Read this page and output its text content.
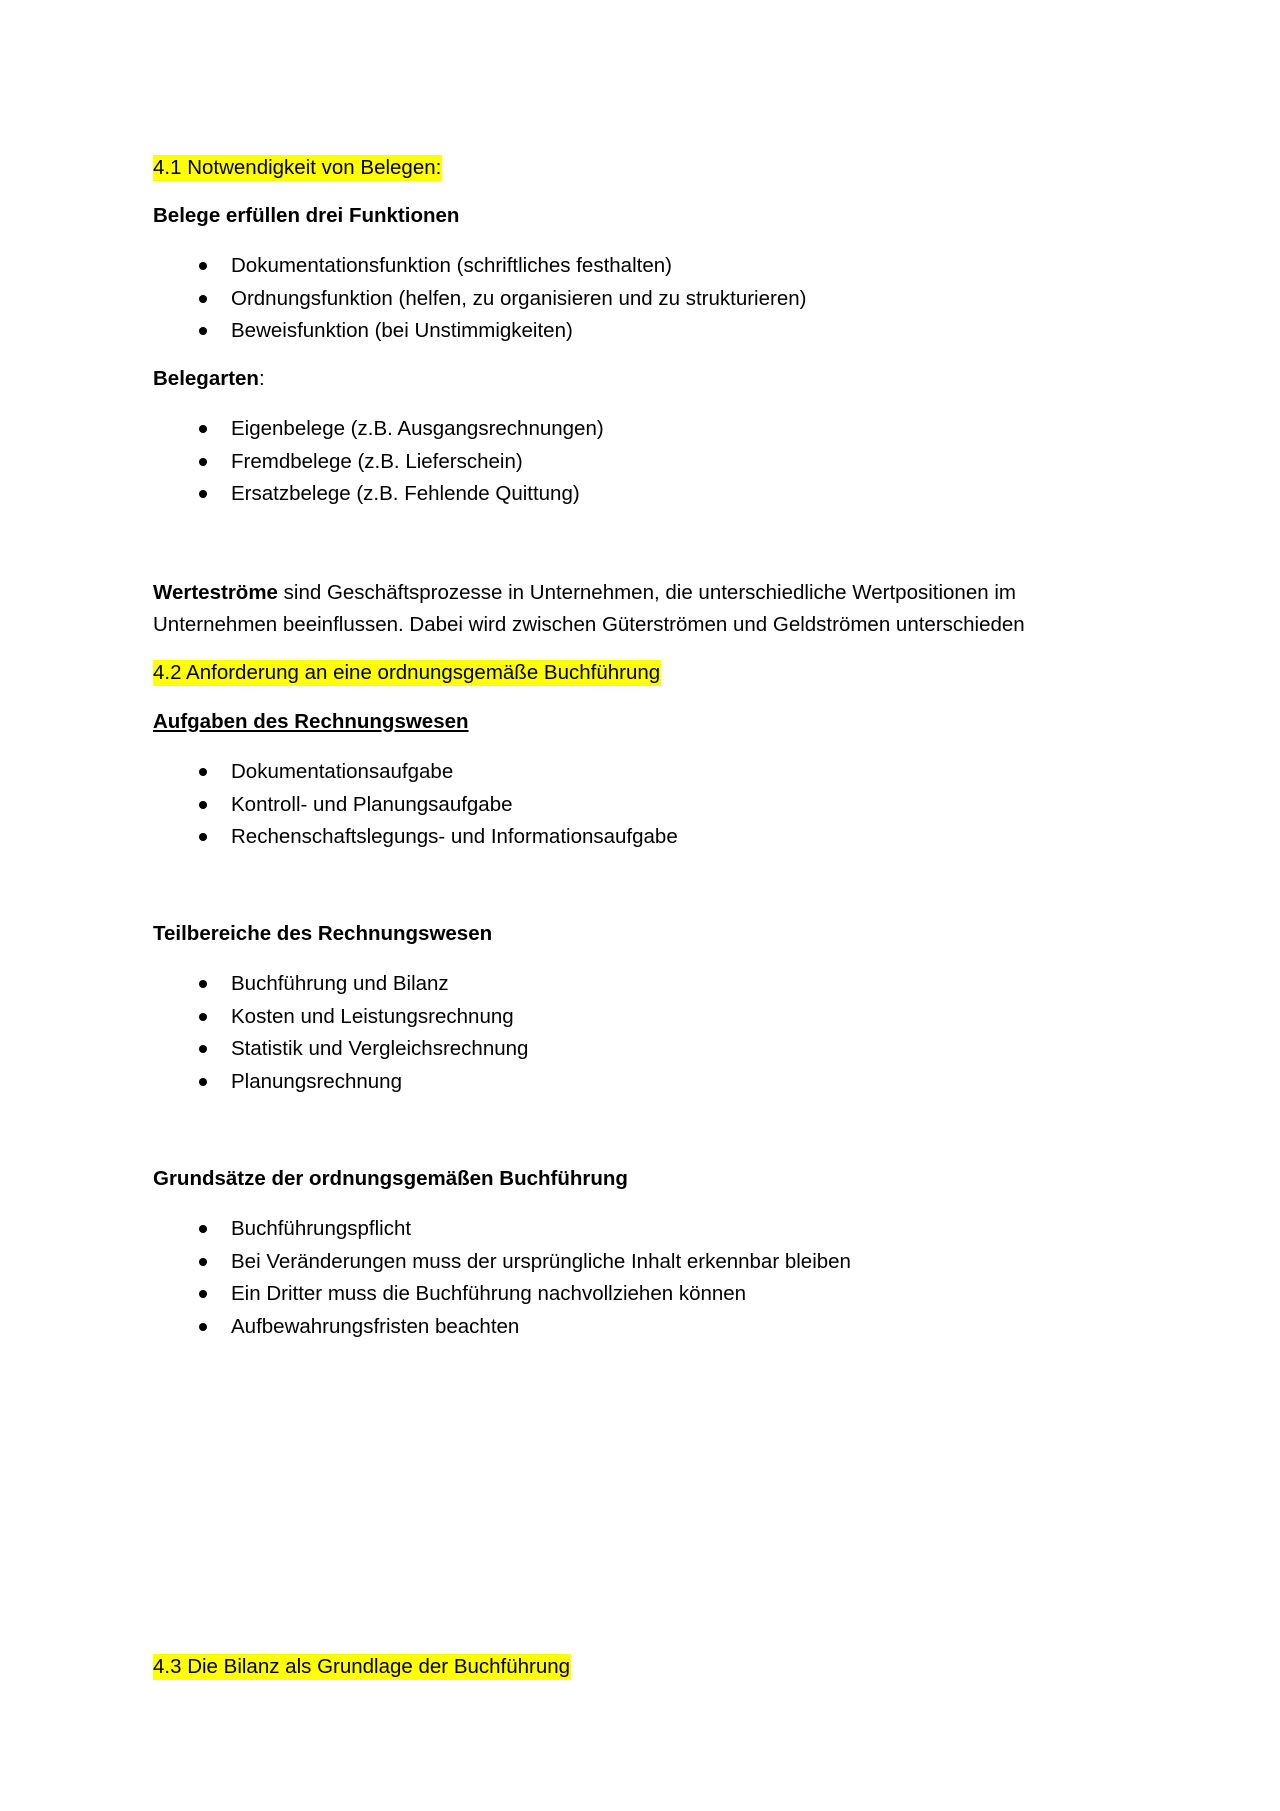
4.1 Notwendigkeit von Belegen:
Belege erfüllen drei Funktionen
Dokumentationsfunktion (schriftliches festhalten)
Ordnungsfunktion (helfen, zu organisieren und zu strukturieren)
Beweisfunktion (bei Unstimmigkeiten)
Belegarten:
Eigenbelege (z.B. Ausgangsrechnungen)
Fremdbelege (z.B. Lieferschein)
Ersatzbelege (z.B. Fehlende Quittung)
Werteströme sind Geschäftsprozesse in Unternehmen, die unterschiedliche Wertpositionen im
Unternehmen beeinflussen. Dabei wird zwischen Güterströmen und Geldströmen unterschieden
4.2 Anforderung an eine ordnungsgemäße Buchführung
Aufgaben des Rechnungswesen
Dokumentationsaufgabe
Kontroll- und Planungsaufgabe
Rechenschaftslegungs- und Informationsaufgabe
Teilbereiche des Rechnungswesen
Buchführung und Bilanz
Kosten und Leistungsrechnung
Statistik und Vergleichsrechnung
Planungsrechnung
Grundsätze der ordnungsgemäßen Buchführung
Buchführungspflicht
Bei Veränderungen muss der ursprüngliche Inhalt erkennbar bleiben
Ein Dritter muss die Buchführung nachvollziehen können
Aufbewahrungsfristen beachten
4.3 Die Bilanz als Grundlage der Buchführung
